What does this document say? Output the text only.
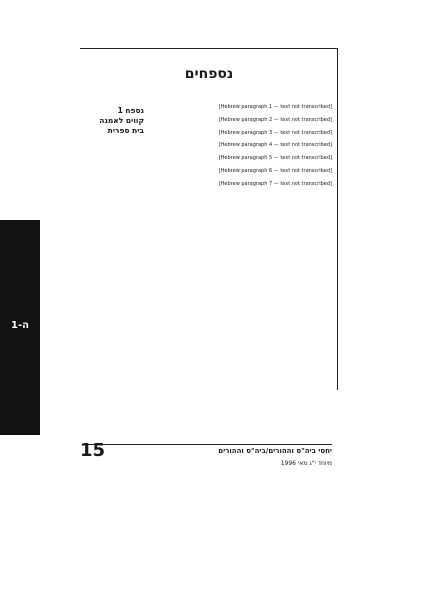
ה-1
נספחים
נספח 1
קווים לאמנה
בית ספרית

[Hebrew paragraph 1 — text not transcribed]

[Hebrew paragraph 2 — text not transcribed]

[Hebrew paragraph 3 — text not transcribed]

[Hebrew paragraph 4 — text not transcribed]

[Hebrew paragraph 5 — text not transcribed]

[Hebrew paragraph 6 — text not transcribed]

[Hebrew paragraph 7 — text not transcribed]

15	יחסי ביה"ס וההורים/ביה"ס וההורים
מיוחד י"ג מאי 1996
